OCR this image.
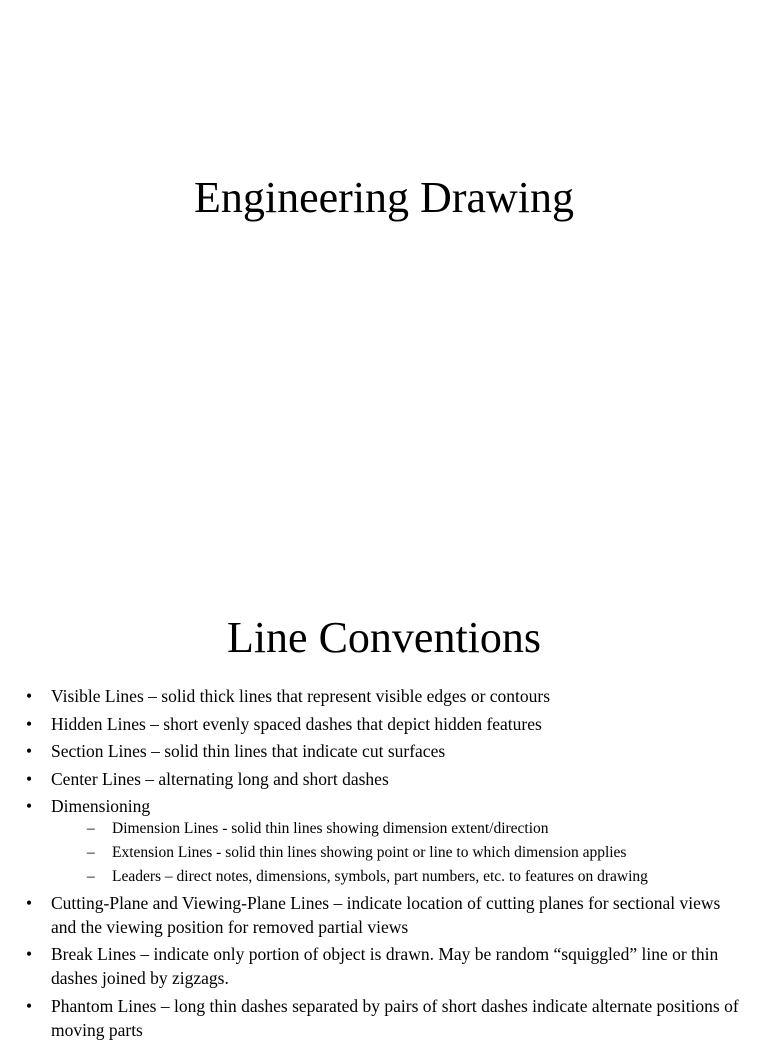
Engineering Drawing
Line Conventions
• Visible Lines – solid thick lines that represent visible edges or contours
• Hidden Lines – short evenly spaced dashes that depict hidden features
• Section Lines – solid thin lines that indicate cut surfaces
• Center Lines – alternating long and short dashes
• Dimensioning
– Dimension Lines - solid thin lines showing dimension extent/direction
– Extension Lines - solid thin lines showing point or line to which dimension applies
– Leaders – direct notes, dimensions, symbols, part numbers, etc. to features on drawing
• Cutting-Plane and Viewing-Plane Lines – indicate location of cutting planes for sectional views and the viewing position for removed partial views
• Break Lines – indicate only portion of object is drawn. May be random “squiggled” line or thin dashes joined by zigzags.
• Phantom Lines – long thin dashes separated by pairs of short dashes indicate alternate positions of moving parts
